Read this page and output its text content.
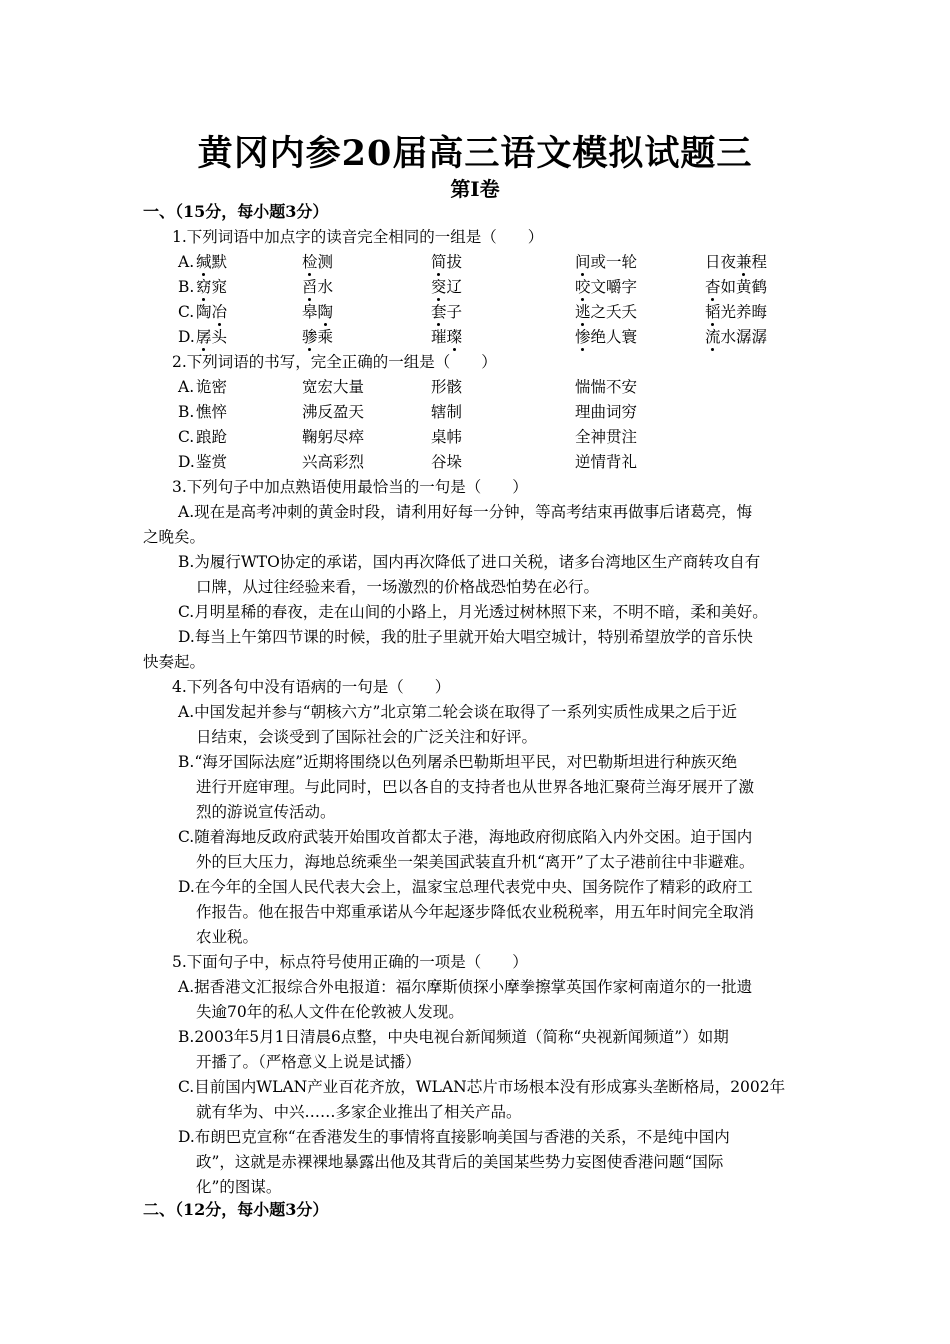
黄冈内参20届高三语文模拟试题三
第Ⅰ卷
一、（15分，每小题3分）
1.下列词语中加点字的读音完全相同的一组是（　　）
A. 缄默	检测	简拔	间或一轮	日夜兼程
B. 窈窕	舀水	窔辽	咬文嚼字	杳如黄鹤
C. 陶冶	皋陶	套子	逃之夭夭	韬光养晦
D. 孱头	骖乘	璀璨	惨绝人寰	流水潺潺
2.下列词语的书写，完全正确的一组是（　　）
A. 诡密	宽宏大量	形骸	惴惴不安
B. 憔悴	沸反盈天	辖制	理曲词穷
C. 踉跄	鞠躬尽瘁	桌帏	全神贯注
D. 鉴赏	兴高彩烈	谷垛	逆情背礼
3.下列句子中加点熟语使用最恰当的一句是（　　）
A.现在是高考冲刺的黄金时段，请利用好每一分钟，等高考结束再做事后诸葛亮，悔
之晚矣。
B.为履行WTO协定的承诺，国内再次降低了进口关税，诸多台湾地区生产商转攻自有
口牌，从过往经验来看，一场激烈的价格战恐怕势在必行。
C.月明星稀的春夜，走在山间的小路上，月光透过树林照下来，不明不暗，柔和美好。
D.每当上午第四节课的时候，我的肚子里就开始大唱空城计，特别希望放学的音乐快
快奏起。
4.下列各句中没有语病的一句是（　　）
A.中国发起并参与“朝核六方”北京第二轮会谈在取得了一系列实质性成果之后于近
日结束，会谈受到了国际社会的广泛关注和好评。
B.“海牙国际法庭”近期将围绕以色列屠杀巴勒斯坦平民，对巴勒斯坦进行种族灭绝
进行开庭审理。与此同时，巴以各自的支持者也从世界各地汇聚荷兰海牙展开了激
烈的游说宣传活动。
C.随着海地反政府武装开始围攻首都太子港，海地政府彻底陷入内外交困。迫于国内
外的巨大压力，海地总统乘坐一架美国武装直升机“离开”了太子港前往中非避难。
D.在今年的全国人民代表大会上，温家宝总理代表党中央、国务院作了精彩的政府工
作报告。他在报告中郑重承诺从今年起逐步降低农业税税率，用五年时间完全取消
农业税。
5.下面句子中，标点符号使用正确的一项是（　　）
A.据香港文汇报综合外电报道：福尔摩斯侦探小摩拳擦掌英国作家柯南道尔的一批遗
失逾70年的私人文件在伦敦被人发现。
B.2003年5月1日清晨6点整，中央电视台新闻频道（简称“央视新闻频道”）如期
开播了。（严格意义上说是试播）
C.目前国内WLAN产业百花齐放，WLAN芯片市场根本没有形成寡头垄断格局，2002年
就有华为、中兴……多家企业推出了相关产品。
D.布朗巴克宣称“在香港发生的事情将直接影响美国与香港的关系，不是纯中国内
政”，这就是赤裸裸地暴露出他及其背后的美国某些势力妄图使香港问题“国际
化”的图谋。
二、（12分，每小题3分）
